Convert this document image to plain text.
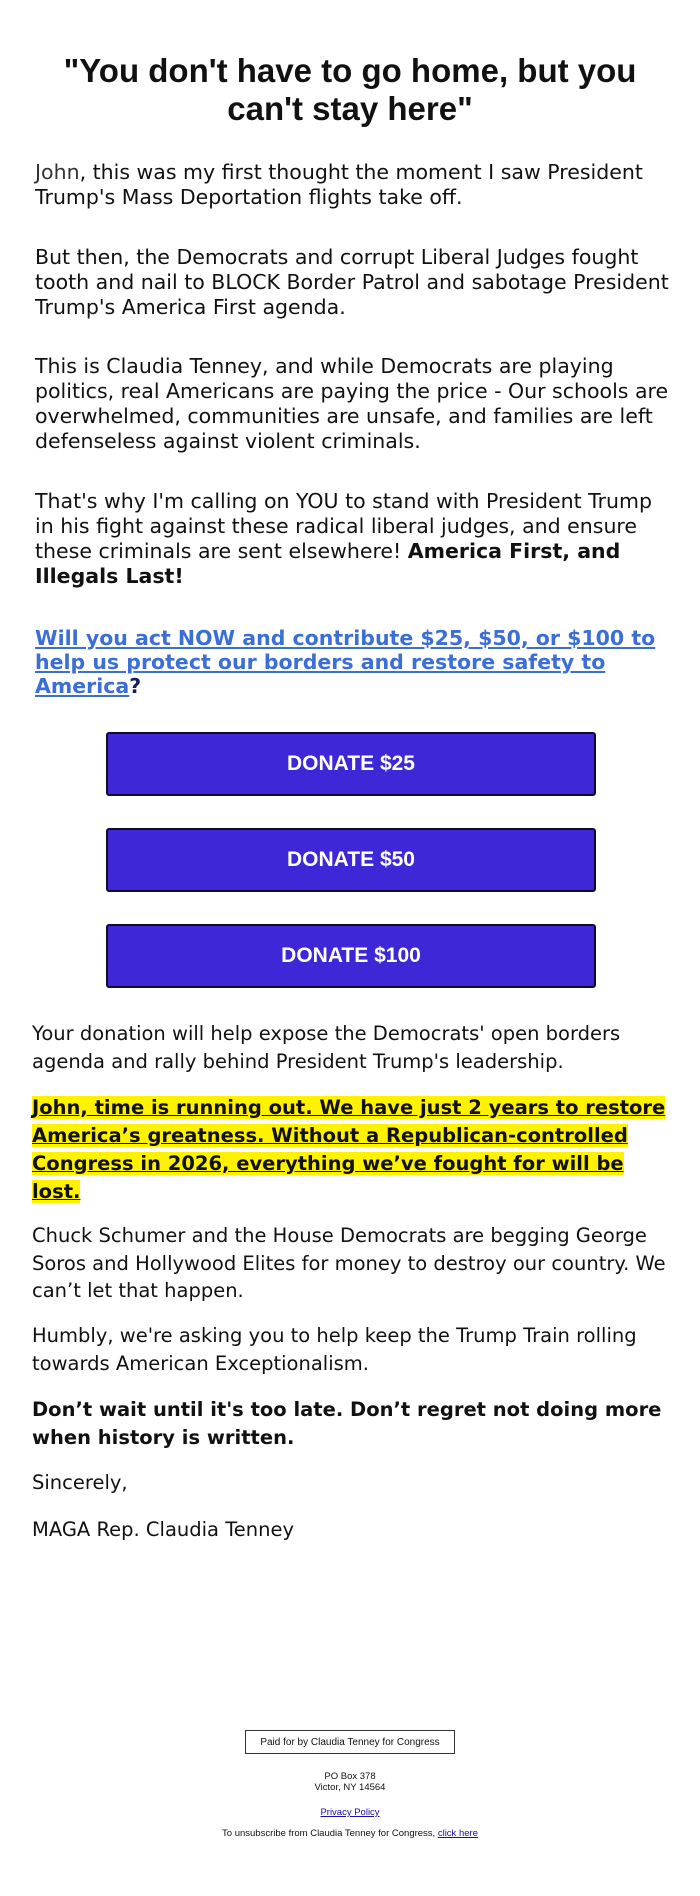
"You don't have to go home, but you can't stay here"
John, this was my first thought the moment I saw President Trump's Mass Deportation flights take off.
But then, the Democrats and corrupt Liberal Judges fought tooth and nail to BLOCK Border Patrol and sabotage President Trump's America First agenda.
This is Claudia Tenney, and while Democrats are playing politics, real Americans are paying the price - Our schools are overwhelmed, communities are unsafe, and families are left defenseless against violent criminals.
That's why I'm calling on YOU to stand with President Trump in his fight against these radical liberal judges, and ensure these criminals are sent elsewhere! America First, and Illegals Last!
Will you act NOW and contribute $25, $50, or $100 to help us protect our borders and restore safety to America?
DONATE $25
DONATE $50
DONATE $100
Your donation will help expose the Democrats' open borders agenda and rally behind President Trump's leadership.
John, time is running out. We have just 2 years to restore America’s greatness. Without a Republican-controlled Congress in 2026, everything we’ve fought for will be lost.
Chuck Schumer and the House Democrats are begging George Soros and Hollywood Elites for money to destroy our country. We can’t let that happen.
Humbly, we're asking you to help keep the Trump Train rolling towards American Exceptionalism.
Don’t wait until it's too late. Don’t regret not doing more when history is written.
Sincerely,
MAGA Rep. Claudia Tenney
Paid for by Claudia Tenney for Congress
PO Box 378
Victor, NY 14564
Privacy Policy
To unsubscribe from Claudia Tenney for Congress, click here
